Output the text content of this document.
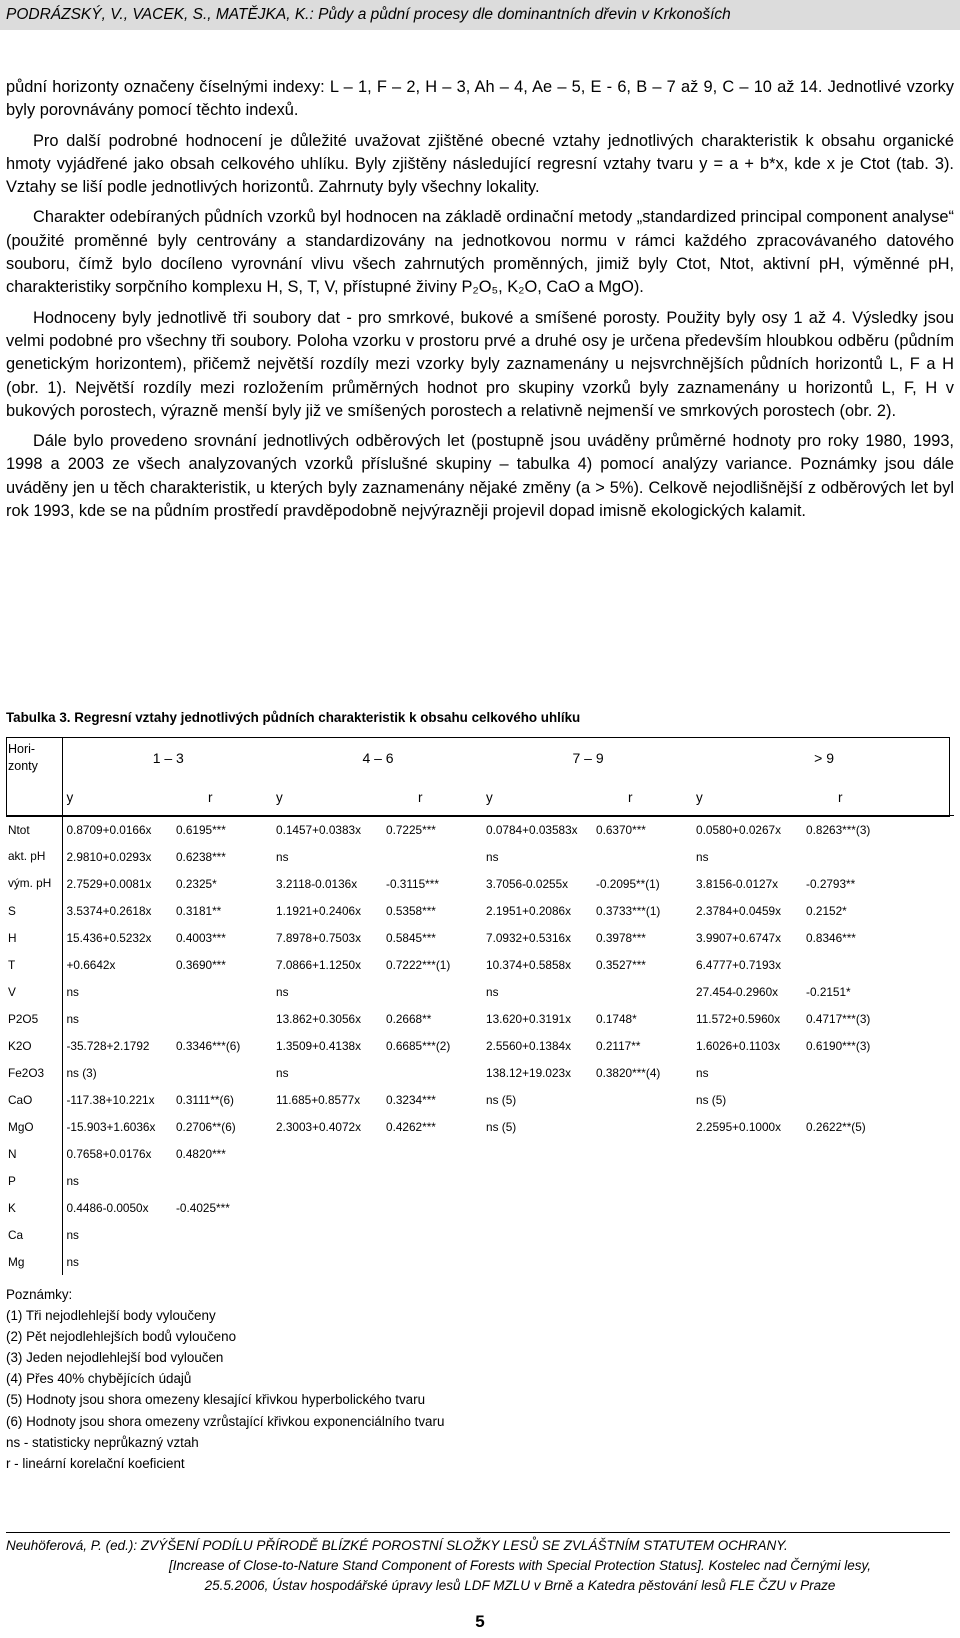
PODRÁZSKÝ, V., VACEK, S., MATĚJKA, K.: Půdy a půdní procesy dle dominantních dřevin v Krkonoších

půdní horizonty označeny číselnými indexy: L – 1, F – 2, H – 3, Ah – 4, Ae – 5, E - 6, B – 7 až 9, C – 10 až 14. Jednotlivé vzorky byly porovnávány pomocí těchto indexů.

Pro další podrobné hodnocení je důležité uvažovat zjištěné obecné vztahy jednotlivých charakteristik k obsahu organické hmoty vyjádřené jako obsah celkového uhlíku. Byly zjištěny následující regresní vztahy tvaru y = a + b*x, kde x je Ctot (tab. 3). Vztahy se liší podle jednotlivých horizontů. Zahrnuty byly všechny lokality.

Charakter odebíraných půdních vzorků byl hodnocen na základě ordinační metody „standardized principal component analyse“ (použité proměnné byly centrovány a standardizovány na jednotkovou normu v rámci každého zpracovávaného datového souboru, čímž bylo docíleno vyrovnání vlivu všech zahrnutých proměnných, jimiž byly Ctot, Ntot, aktivní pH, výměnné pH, charakteristiky sorpčního komplexu H, S, T, V, přístupné živiny P₂O₅, K₂O, CaO a MgO).

Hodnoceny byly jednotlivě tři soubory dat - pro smrkové, bukové a smíšené porosty. Použity byly osy 1 až 4. Výsledky jsou velmi podobné pro všechny tři soubory. Poloha vzorku v prostoru prvé a druhé osy je určena především hloubkou odběru (půdním genetickým horizontem), přičemž největší rozdíly mezi vzorky byly zaznamenány u nejsvrchnějších půdních horizontů L, F a H (obr. 1). Největší rozdíly mezi rozložením průměrných hodnot pro skupiny vzorků byly zaznamenány u horizontů L, F, H v bukových porostech, výrazně menší byly již ve smíšených porostech a relativně nejmenší ve smrkových porostech (obr. 2).

Dále bylo provedeno srovnání jednotlivých odběrových let (postupně jsou uváděny průměrné hodnoty pro roky 1980, 1993, 1998 a 2003 ze všech analyzovaných vzorků příslušné skupiny – tabulka 4) pomocí analýzy variance. Poznámky jsou dále uváděny jen u těch charakteristik, u kterých byly zaznamenány nějaké změny (a > 5%). Celkově nejodlišnější z odběrových let byl rok 1993, kde se na půdním prostředí pravděpodobně nejvýrazněji projevil dopad imisně ekologických kalamit.

Tabulka 3. Regresní vztahy jednotlivých půdních charakteristik k obsahu celkového uhlíku
Hori-zonty	1 – 3		4 – 6		7 – 9		> 9	
	y	r	y	r	y	r	y	r
Ntot	0.8709+0.0166x	0.6195***	0.1457+0.0383x	0.7225***	0.0784+0.03583x	0.6370***	0.0580+0.0267x	0.8263***(3)
akt. pH	2.9810+0.0293x	0.6238***	ns		ns		ns	
vým. pH	2.7529+0.0081x	0.2325*	3.2118-0.0136x	-0.3115***	3.7056-0.0255x	-0.2095**(1)	3.8156-0.0127x	-0.2793**
S	3.5374+0.2618x	0.3181**	1.1921+0.2406x	0.5358***	2.1951+0.2086x	0.3733***(1)	2.3784+0.0459x	0.2152*
H	15.436+0.5232x	0.4003***	7.8978+0.7503x	0.5845***	7.0932+0.5316x	0.3978***	3.9907+0.6747x	0.8346***
T	+0.6642x	0.3690***	7.0866+1.1250x	0.7222***(1)	10.374+0.5858x	0.3527***	6.4777+0.7193x	
V	ns		ns		ns		27.454-0.2960x	-0.2151*
P2O5	ns		13.862+0.3056x	0.2668**	13.620+0.3191x	0.1748*	11.572+0.5960x	0.4717***(3)
K2O	-35.728+2.1792	0.3346***(6)	1.3509+0.4138x	0.6685***(2)	2.5560+0.1384x	0.2117**	1.6026+0.1103x	0.6190***(3)
Fe2O3	ns (3)		ns		138.12+19.023x	0.3820***(4)	ns	
CaO	-117.38+10.221x	0.3111**(6)	11.685+0.8577x	0.3234***	ns (5)		ns (5)	
MgO	-15.903+1.6036x	0.2706**(6)	2.3003+0.4072x	0.4262***	ns (5)		2.2595+0.1000x	0.2622**(5)
N	0.7658+0.0176x	0.4820***						
P	ns							
K	0.4486-0.0050x	-0.4025***						
Ca	ns							
Mg	ns							
Poznámky:
(1) Tři nejodlehlejší body vyloučeny
(2) Pět nejodlehlejších bodů vyloučeno
(3) Jeden nejodlehlejší bod vyloučen
(4) Přes 40% chybějících údajů
(5) Hodnoty jsou shora omezeny klesající křivkou hyperbolického tvaru
(6) Hodnoty jsou shora omezeny vzrůstající křivkou exponenciálního tvaru
ns - statisticky neprůkazný vztah
r - lineární korelační koeficient
Neuhöferová, P. (ed.): ZVÝŠENÍ PODÍLU PŘÍRODĚ BLÍZKÉ POROSTNÍ SLOŽKY LESŮ SE ZVLÁŠTNÍM STATUTEM OCHRANY.
[Increase of Close-to-Nature Stand Component of Forests with Special Protection Status]. Kostelec nad Černými lesy,
25.5.2006, Ústav hospodářské úpravy lesů LDF MZLU v Brně a Katedra pěstování lesů FLE ČZU v Praze
5
